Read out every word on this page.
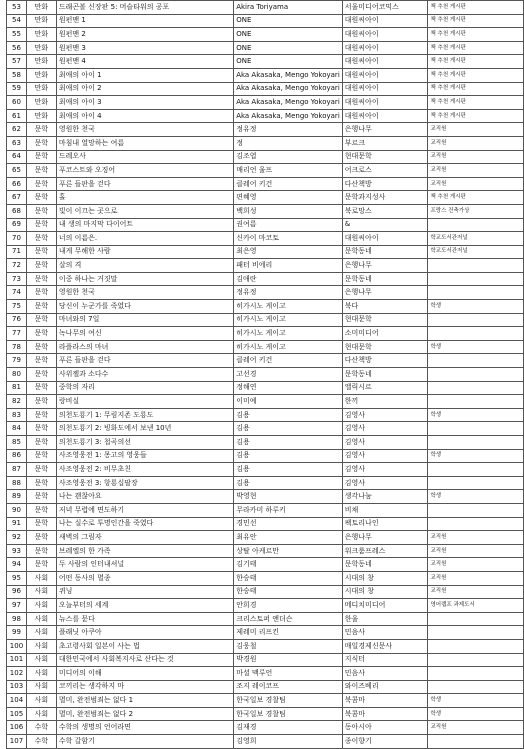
53	만화	드래곤볼 신장판 5: 머슬타워의 공포	Akira Toriyama	서울미디어코믹스	책 추천 게시판
54	만화	원펀맨 1	ONE	대원씨아이	책 추천 게시판
55	만화	원펀맨 2	ONE	대원씨아이	책 추천 게시판
56	만화	원펀맨 3	ONE	대원씨아이	책 추천 게시판
57	만화	원펀맨 4	ONE	대원씨아이	책 추천 게시판
58	만화	최애의 아이 1	Aka Akasaka, Mengo Yokoyari	대원씨아이	책 추천 게시판
59	만화	최애의 아이 2	Aka Akasaka, Mengo Yokoyari	대원씨아이	책 추천 게시판
60	만화	최애의 아이 3	Aka Akasaka, Mengo Yokoyari	대원씨아이	책 추천 게시판
61	만화	최애의 아이 4	Aka Akasaka, Mengo Yokoyari	대원씨아이	책 추천 게시판
62	문학	영원한 천국	정유정	은행나무	교직원
63	문학	마침내 열망하는 여름	정	부르크	교직원
64	문학	드레오사	김조엽	현대문학	교직원
65	문학	푸코스트와 오징어	매리언 울프	어크로스	교직원
66	문학	푸른 들판을 걷다	클레어 키건	다산책방	교직원
67	문학	홀	편혜영	문학과지성사	책 추천 게시판
68	문학	빛이 이끄는 곳으로	백희성	북로망스	프랑스 건축가상
69	문학	내 생의 마지막 다이어트	권여름	&	
70	문학	너의 이름은.	신카이 마코토	대원씨아이	학교도서관저널
71	문학	내게 무해한 사람	최은영	문학동네	학교도서관저널
72	문학	살의 격	패터 비에리	은행나무	
73	문학	이중 하나는 거짓말	김애란	문학동네	
74	문학	영원한 천국	정유정	은행나무	
75	문학	당신이 누군가를 죽였다	히가시노 게이고	북다	학생
76	문학	마녀와의 7일	히가시노 게이고	현대문학	
77	문학	녹나무의 여신	히가시노 게이고	소미미디어	
78	문학	라플라스의 마녀	히가시노 게이고	현대문학	학생
79	문학	푸른 들판을 걷다	클레어 키건	다산책방	
80	문학	사위젤과 소다수	고선경	문학동네	
81	문학	중학의 자리	정해연	엘릭시르	
82	문학	랑비실	이미예	한끼	
83	문학	의천도룡기 1: 무림지존 도룡도	김용	김영사	학생
84	문학	의천도룡기 2: 빙화도에서 보낸 10년	김용	김영사	
85	문학	의천도룡기 3: 첩곡의선	김용	김영사	
86	문학	사조영웅전 1: 몽고의 영웅들	김용	김영사	학생
87	문학	사조영웅전 2: 비무초친	김용	김영사	
88	문학	사조영웅전 3: 항룡십팔장	김용	김영사	
89	문학	나는 괜찮아요	박영현	생각나눔	학생
90	문학	저녁 무렵에 면도하기	무라카미 하루키	비채	
91	문학	나는 실수로 투명인간을 죽였다	경민선	팩토리나인	
92	문학	새벽의 그림자	최유안	은행나무	교직원
93	문학	브레엘의 한 가족	상탈 아케르만	워크룸프레스	교직원
94	문학	두 사람의 인터내셔널	김기태	문학동네	교직원
95	사회	어떤 동사의 멸종	한승태	시대의 창	교직원
96	사회	퀴닝	한승태	시대의 창	교직원
97	사회	오늘부터의 세계	안희경	메디치미디어	영어랩프 과제도서
98	사회	뉴스를 묻다	크리스토퍼 앤더슨	한울	
99	사회	플래닛 아쿠아	제레미 리프킨	민음사	
100	사회	초고령사회 일본이 사는 법	김웅철	매일경제신문사	
101	사회	대한민국에서 사회복지사로 산다는 것	박경원	지식터	
102	사회	미디어의 이해	마셜 맥루언	민음사	
103	사회	코끼리는 생각하지 마	조지 레이코프	와이즈베리	
104	사회	멸미, 완전범죄는 없다 1	한국일보 경찰팀	북콤마	학생
105	사회	멸미, 완전범죄는 없다 2	한국일보 경찰팀	북콤마	학생
106	수학	수학의 생명의 언어라면	김재경	동아시아	교직원
107	수학	수학 갈함기	김영희	종이향기	
